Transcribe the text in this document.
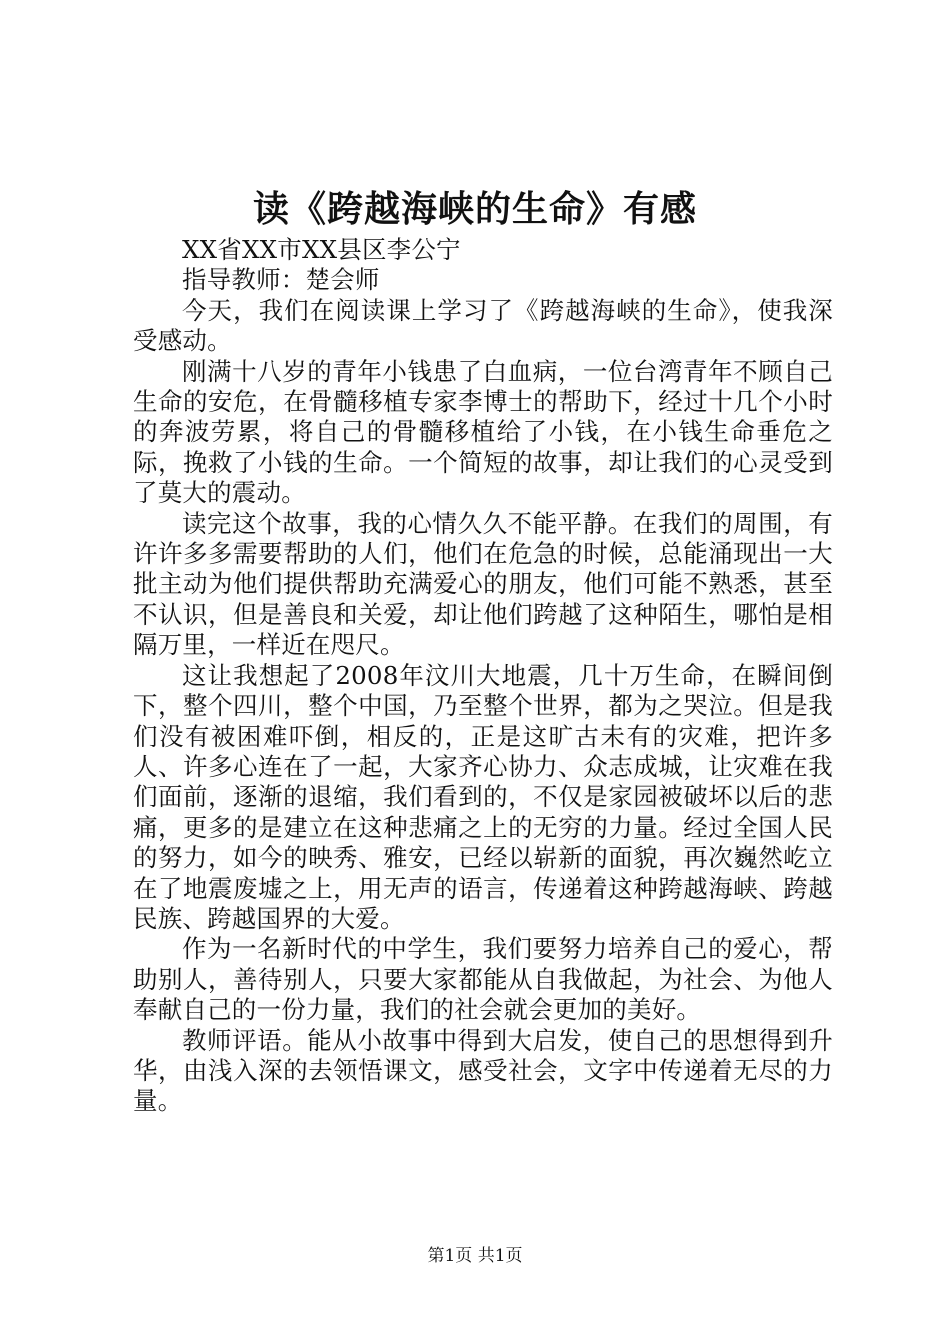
读《跨越海峡的生命》有感

XX省XX市XX县区李公宁

指导教师：楚会师

今天，我们在阅读课上学习了《跨越海峡的生命》，使我深受感动。

刚满十八岁的青年小钱患了白血病，一位台湾青年不顾自己生命的安危，在骨髓移植专家李博士的帮助下，经过十几个小时的奔波劳累，将自己的骨髓移植给了小钱，在小钱生命垂危之际，挽救了小钱的生命。一个简短的故事，却让我们的心灵受到了莫大的震动。

读完这个故事，我的心情久久不能平静。在我们的周围，有许许多多需要帮助的人们，他们在危急的时候，总能涌现出一大批主动为他们提供帮助充满爱心的朋友，他们可能不熟悉，甚至不认识，但是善良和关爱，却让他们跨越了这种陌生，哪怕是相隔万里，一样近在咫尺。

这让我想起了2008年汶川大地震，几十万生命，在瞬间倒下，整个四川，整个中国，乃至整个世界，都为之哭泣。但是我们没有被困难吓倒，相反的，正是这旷古未有的灾难，把许多人、许多心连在了一起，大家齐心协力、众志成城，让灾难在我们面前，逐渐的退缩，我们看到的，不仅是家园被破坏以后的悲痛，更多的是建立在这种悲痛之上的无穷的力量。经过全国人民的努力，如今的映秀、雅安，已经以崭新的面貌，再次巍然屹立在了地震废墟之上，用无声的语言，传递着这种跨越海峡、跨越民族、跨越国界的大爱。

作为一名新时代的中学生，我们要努力培养自己的爱心，帮助别人，善待别人，只要大家都能从自我做起，为社会、为他人奉献自己的一份力量，我们的社会就会更加的美好。

教师评语。能从小故事中得到大启发，使自己的思想得到升华，由浅入深的去领悟课文，感受社会，文字中传递着无尽的力量。

第1页 共1页
